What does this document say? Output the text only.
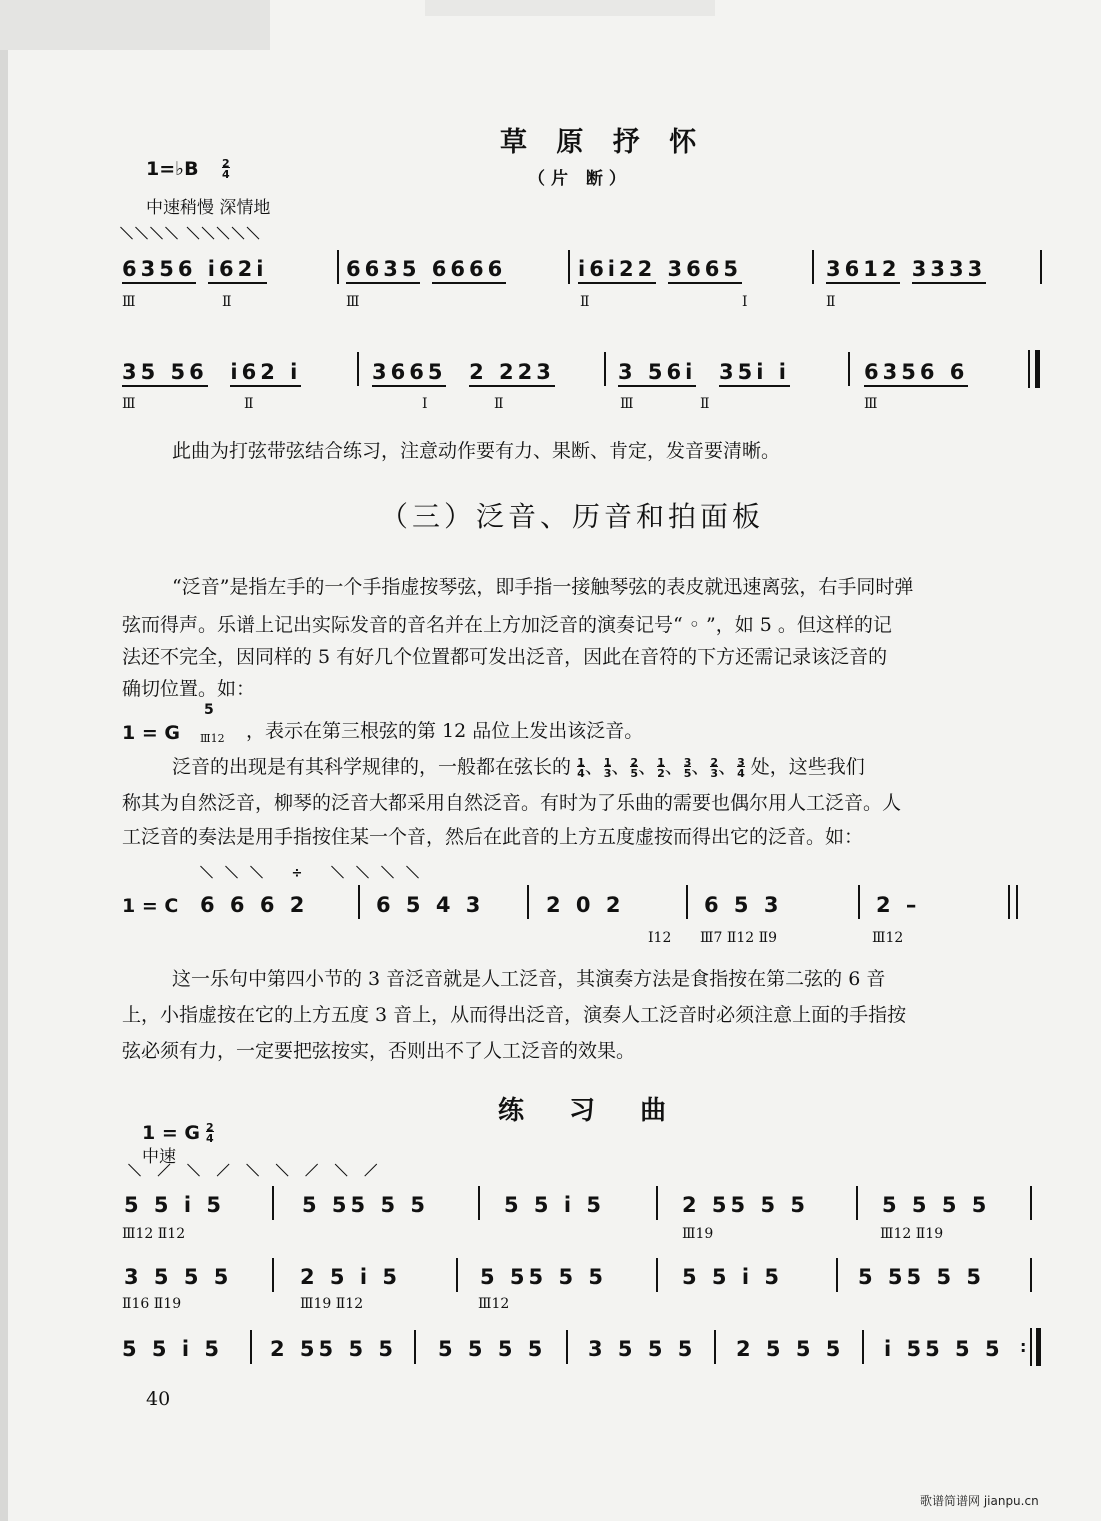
草 原 抒 怀
（片 断）
1=♭B $\frac{2}{4}$
中速稍慢 深情地
＼＼＼＼ ＼＼＼＼＼
6356 i62i	6635 6666	i6i22 3665	3612 3333
Ⅲ	Ⅱ	Ⅲ	Ⅱ	Ⅰ	Ⅱ
35 56 i62 i	3665 2 223	3 56i 35i i	6356 6
Ⅲ	Ⅱ	Ⅰ	Ⅱ	Ⅲ	Ⅱ	Ⅲ
此曲为打弦带弦结合练习，注意动作要有力、果断、肯定，发音要清晰。
（三）泛音、历音和拍面板
“泛音”是指左手的一个手指虚按琴弦，即手指一接触琴弦的表皮就迅速离弦，右手同时弹
弦而得声。乐谱上记出实际发音的音名并在上方加泛音的演奏记号“ ◦ ”，如 5 。但这样的记
法还不完全，因同样的 5 有好几个位置都可发出泛音，因此在音符的下方还需记录该泛音的
确切位置。如：
1 = G
5
Ⅲ12 ，表示在第三根弦的第 12 品位上发出该泛音。
泛音的出现是有其科学规律的，一般都在弦长的 1
4、1
3、2
5、1
2、3
5、2
3、3
4 处，这些我们
称其为自然泛音，柳琴的泛音大都采用自然泛音。有时为了乐曲的需要也偶尔用人工泛音。人
工泛音的奏法是用手指按住某一个音，然后在此音的上方五度虚按而得出它的泛音。如：
＼＼＼ ÷ ＼＼＼＼
1 = C 6 6 6 2	6 5 4 3	2 0 2	6 5 3	2 –
Ⅰ12 Ⅲ7 Ⅱ12 Ⅱ9	Ⅲ12
这一乐句中第四小节的 3 音泛音就是人工泛音，其演奏方法是食指按在第二弦的 6 音
上，小指虚按在它的上方五度 3 音上，从而得出泛音，演奏人工泛音时必须注意上面的手指按
弦必须有力，一定要把弦按实，否则出不了人工泛音的效果。
练 习 曲
1 = G $\frac{2}{4}$
中速
＼ ／ ＼ ／ ＼ ＼ ／ ＼ ／
5 5 i 5	5 55 5 5	5 5 i 5	2 55 5 5	5 5 5 5
Ⅲ12 Ⅱ12	Ⅲ19	Ⅲ12 Ⅱ19
3 5 5 5	2 5 i 5	5 55 5 5	5 5 i 5	5 55 5 5
Ⅱ16 Ⅱ19	Ⅲ19 Ⅱ12	Ⅲ12
5 5 i 5 2 55 5 5 5 5 5 5 3 5 5 5 2 5 5 5 i 55 5 5 :
40
歌谱简谱网 jianpu.cn
